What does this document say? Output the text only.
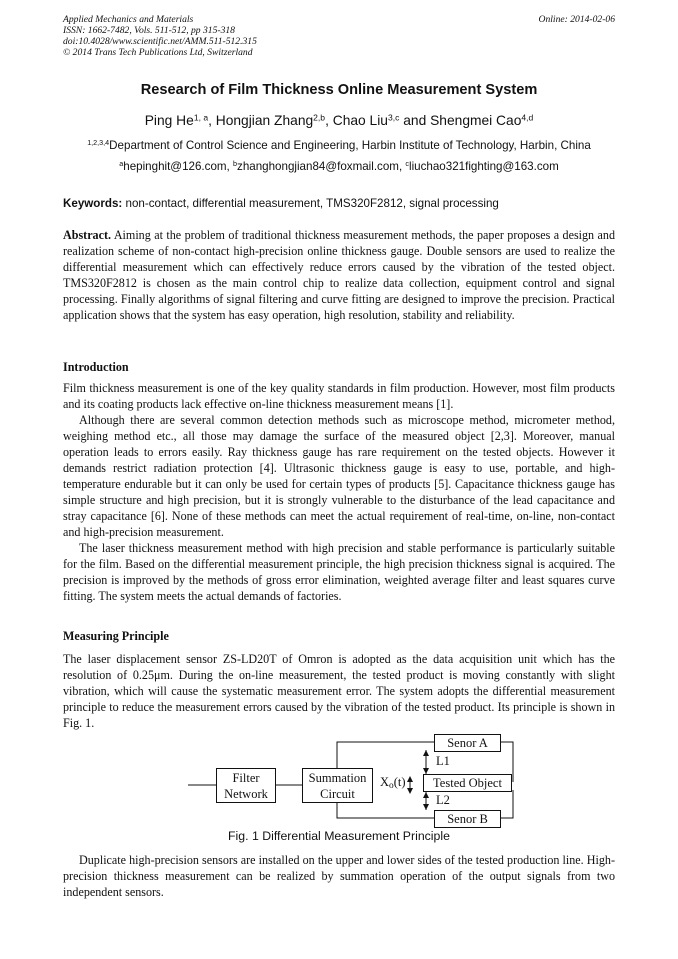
Applied Mechanics and Materials
ISSN: 1662-7482, Vols. 511-512, pp 315-318
doi:10.4028/www.scientific.net/AMM.511-512.315
© 2014 Trans Tech Publications Ltd, Switzerland
Online: 2014-02-06
Research of Film Thickness Online Measurement System
Ping He$^{1, a}$, Hongjian Zhang$^{2,b}$, Chao Liu$^{3,c}$ and Shengmei Cao$^{4,d}$
$^{1,2,3,4}$Department of Control Science and Engineering, Harbin Institute of Technology, Harbin, China
$^a$hepinghit@126.com, $^b$zhanghongjian84@foxmail.com, $^c$liuchao321fighting@163.com
Keywords: non-contact, differential measurement, TMS320F2812, signal processing

Abstract. Aiming at the problem of traditional thickness measurement methods, the paper proposes a design and realization scheme of non-contact high-precision online thickness gauge. Double sensors are used to realize the differential measurement which can effectively reduce errors caused by the vibration of the tested object. TMS320F2812 is chosen as the main control chip to realize data collection, equipment control and signal processing. Finally algorithms of signal filtering and curve fitting are designed to improve the precision. Practical application shows that the system has easy operation, high resolution, stability and reliability.

Introduction

Film thickness measurement is one of the key quality standards in film production. However, most film products and its coating products lack effective on-line thickness measurement means [1].

Although there are several common detection methods such as microscope method, micrometer method, weighing method etc., all those may damage the surface of the measured object [2,3]. Moreover, manual operation leads to errors easily. Ray thickness gauge has rare requirement on the tested objects. However it demands restrict radiation protection [4]. Ultrasonic thickness gauge is easy to use, portable, and high-temperature endurable but it can only be used for certain types of products [5]. Capacitance thickness gauge has simple structure and high precision, but it is strongly vulnerable to the disturbance of the lead capacitance and stray capacitance [6]. None of these methods can meet the actual requirement of real-time, on-line, non-contact and high-precision measurement.

The laser thickness measurement method with high precision and stable performance is particularly suitable for the film. Based on the differential measurement principle, the high precision thickness signal is acquired. The precision is improved by the methods of gross error elimination, weighted average filter and least squares curve fitting. The system meets the actual demands of factories.

Measuring Principle

The laser displacement sensor ZS-LD20T of Omron is adopted as the data acquisition unit which has the resolution of 0.25μm. During the on-line measurement, the tested product is moving constantly with slight vibration, which will cause the systematic measurement error. The system adopts the differential measurement principle to reduce the measurement errors caused by the vibration of the tested product. Its principle is shown in Fig. 1.

Filter
Network
Summation
Circuit
Senor A
Tested Object
Senor B
$X_o(t)$
L1
L2
Fig. 1 Differential Measurement Principle

Duplicate high-precision sensors are installed on the upper and lower sides of the tested production line. High-precision thickness measurement can be realized by summation operation of the output signals from two independent sensors.
